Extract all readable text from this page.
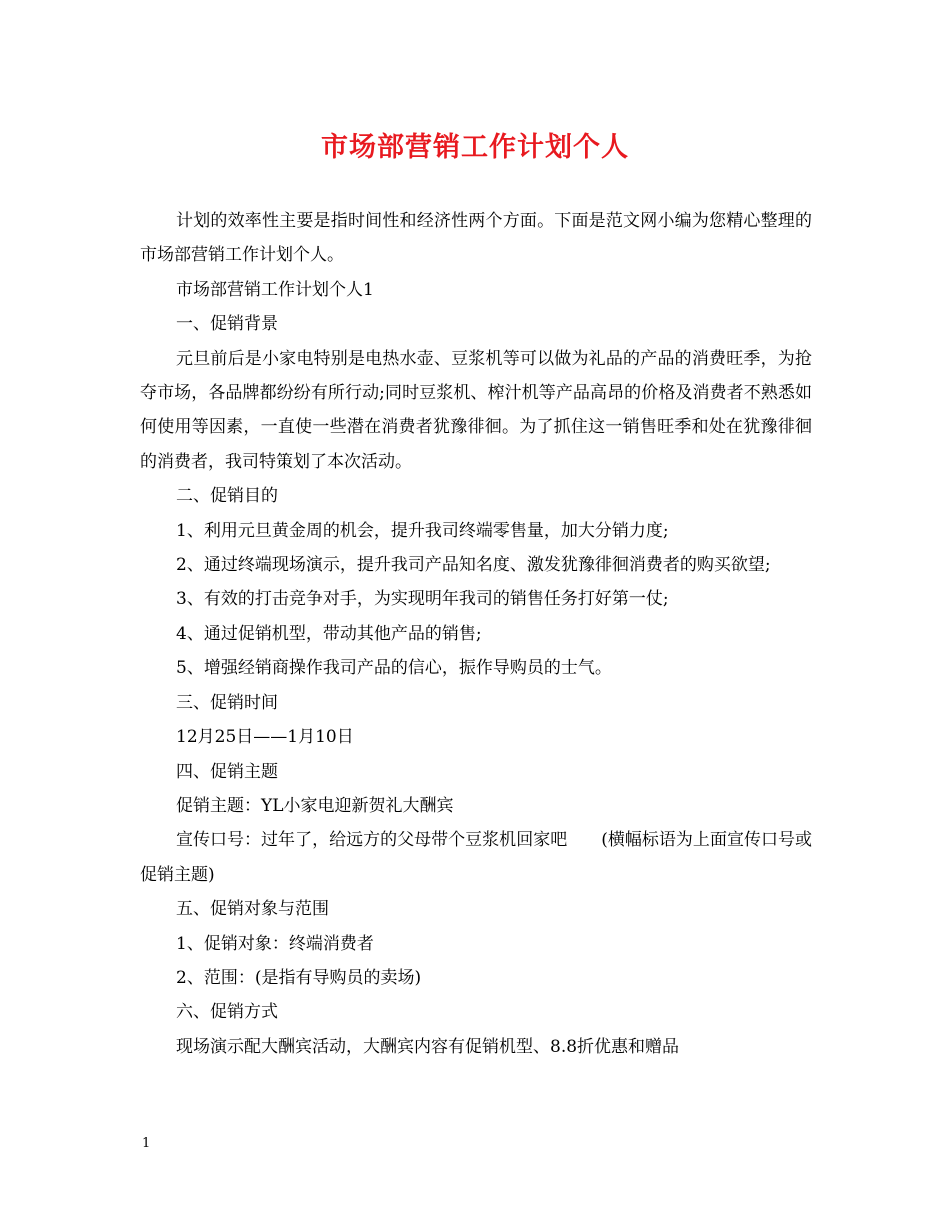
市场部营销工作计划个人

计划的效率性主要是指时间性和经济性两个方面。下面是范文网小编为您精心整理的市场部营销工作计划个人。

市场部营销工作计划个人1

一、促销背景

元旦前后是小家电特别是电热水壶、豆浆机等可以做为礼品的产品的消费旺季，为抢夺市场，各品牌都纷纷有所行动;同时豆浆机、榨汁机等产品高昂的价格及消费者不熟悉如何使用等因素，一直使一些潜在消费者犹豫徘徊。为了抓住这一销售旺季和处在犹豫徘徊的消费者，我司特策划了本次活动。

二、促销目的

1、利用元旦黄金周的机会，提升我司终端零售量，加大分销力度;

2、通过终端现场演示，提升我司产品知名度、激发犹豫徘徊消费者的购买欲望;

3、有效的打击竞争对手，为实现明年我司的销售任务打好第一仗;

4、通过促销机型，带动其他产品的销售;

5、增强经销商操作我司产品的信心，振作导购员的士气。

三、促销时间

12月25日——1月10日

四、促销主题

促销主题：YL小家电迎新贺礼大酬宾

宣传口号：过年了，给远方的父母带个豆浆机回家吧　　(横幅标语为上面宣传口号或促销主题)

五、促销对象与范围

1、促销对象：终端消费者

2、范围：(是指有导购员的卖场)

六、促销方式

现场演示配大酬宾活动，大酬宾内容有促销机型、8.8折优惠和赠品

1
